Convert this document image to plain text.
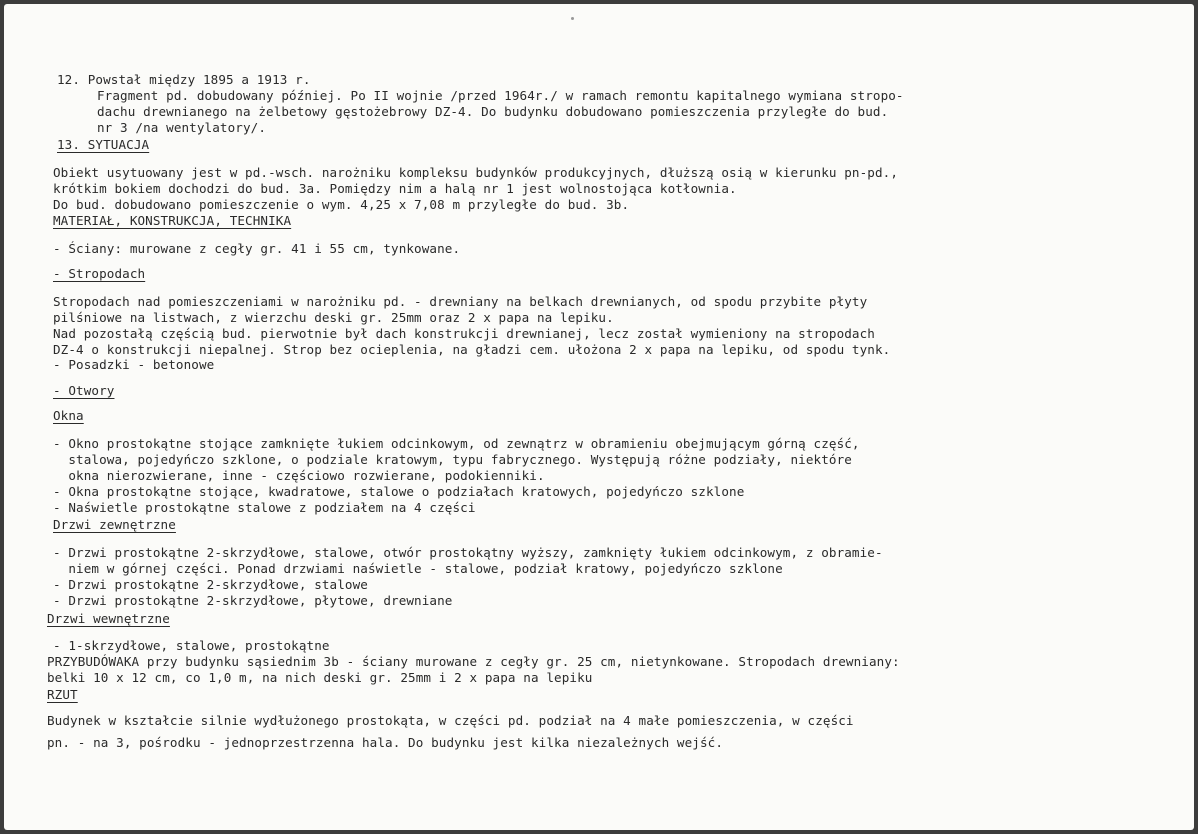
12. Powstał między 1895 a 1913 r.
Fragment pd. dobudowany później. Po II wojnie /przed 1964r./ w ramach remontu kapitalnego wymiana stropo-
dachu drewnianego na żelbetowy gęstożebrowy DZ-4. Do budynku dobudowano pomieszczenia przyległe do bud.
nr 3 /na wentylatory/.
13. SYTUACJA
Obiekt usytuowany jest w pd.-wsch. narożniku kompleksu budynków produkcyjnych, dłuższą osią w kierunku pn-pd.,
krótkim bokiem dochodzi do bud. 3a. Pomiędzy nim a halą nr 1 jest wolnostojąca kotłownia.
Do bud. dobudowano pomieszczenie o wym. 4,25 x 7,08 m przyległe do bud. 3b.
MATERIAŁ, KONSTRUKCJA, TECHNIKA
- Ściany: murowane z cegły gr. 41 i 55 cm, tynkowane.
- Stropodach
Stropodach nad pomieszczeniami w narożniku pd. - drewniany na belkach drewnianych, od spodu przybite płyty
pilśniowe na listwach, z wierzchu deski gr. 25mm oraz 2 x papa na lepiku.
Nad pozostałą częścią bud. pierwotnie był dach konstrukcji drewnianej, lecz został wymieniony na stropodach
DZ-4 o konstrukcji niepalnej. Strop bez ocieplenia, na gładzi cem. ułożona 2 x papa na lepiku, od spodu tynk.
- Posadzki - betonowe
- Otwory
Okna
- Okno prostokątne stojące zamknięte łukiem odcinkowym, od zewnątrz w obramieniu obejmującym górną część,
stalowa, pojedyńczo szklone, o podziale kratowym, typu fabrycznego. Występują różne podziały, niektóre
okna nierozwierane, inne - częściowo rozwierane, podokienniki.
- Okna prostokątne stojące, kwadratowe, stalowe o podziałach kratowych, pojedyńczo szklone
- Naświetle prostokątne stalowe z podziałem na 4 części
Drzwi zewnętrzne
- Drzwi prostokątne 2-skrzydłowe, stalowe, otwór prostokątny wyższy, zamknięty łukiem odcinkowym, z obramie-
niem w górnej części. Ponad drzwiami naświetle - stalowe, podział kratowy, pojedyńczo szklone
- Drzwi prostokątne 2-skrzydłowe, stalowe
- Drzwi prostokątne 2-skrzydłowe, płytowe, drewniane
Drzwi wewnętrzne
- 1-skrzydłowe, stalowe, prostokątne
PRZYBUDÓWAKA przy budynku sąsiednim 3b - ściany murowane z cegły gr. 25 cm, nietynkowane. Stropodach drewniany:
belki 10 x 12 cm, co 1,0 m, na nich deski gr. 25mm i 2 x papa na lepiku
RZUT
Budynek w kształcie silnie wydłużonego prostokąta, w części pd. podział na 4 małe pomieszczenia, w części
pn. - na 3, pośrodku - jednoprzestrzenna hala. Do budynku jest kilka niezależnych wejść.
